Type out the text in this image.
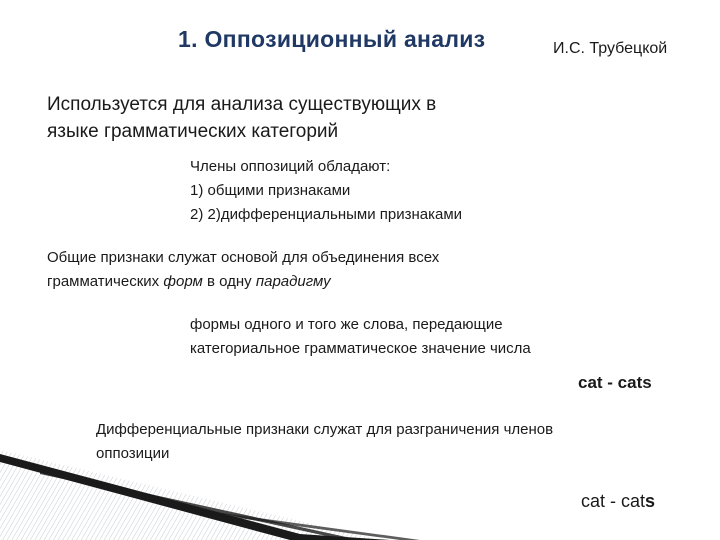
1. Оппозиционный анализ	И.С. Трубецкой
Используется для анализа существующих в
языке грамматических категорий
Члены оппозиций обладают:
1) общими признаками
2) 2)дифференциальными признаками
Общие признаки служат основой для объединения всех
грамматических форм в одну парадигму
формы одного и того же слова, передающие
категориальное грамматическое значение числа
cat - cats
Дифференциальные признаки служат для разграничения членов
оппозиции
cat - cats
